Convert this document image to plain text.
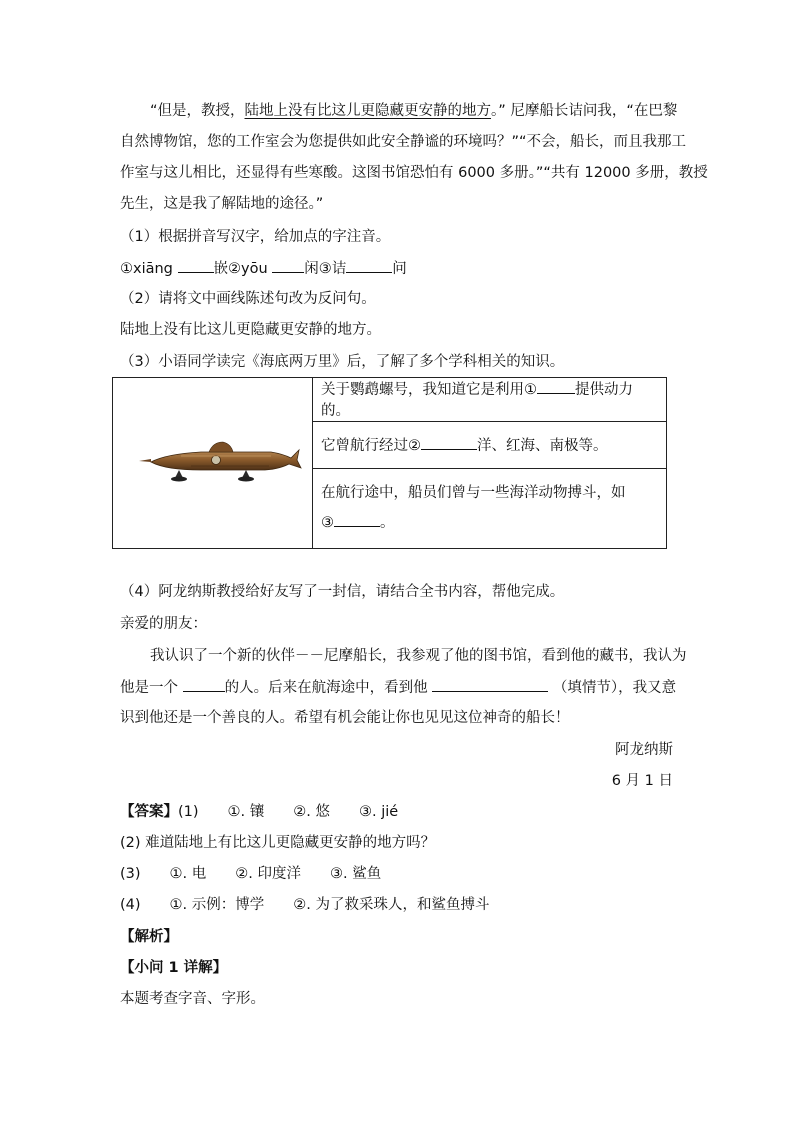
“但是，教授，陆地上没有比这儿更隐藏更安静的地方。” 尼摩船长诘问我，“在巴黎
自然博物馆，您的工作室会为您提供如此安全静谧的环境吗？”“不会，船长，而且我那工
作室与这儿相比，还显得有些寒酸。这图书馆恐怕有 6000 多册。”“共有 12000 多册，教授
先生，这是我了解陆地的途径。”
（1）根据拼音写汉字，给加点的字注音。
①xiāng	嵌②yōu	闲③诘	问
（2）请将文中画线陈述句改为反问句。
陆地上没有比这儿更隐藏更安静的地方。
（3）小语同学读完《海底两万里》后，了解了多个学科相关的知识。
	关于鹦鹉螺号，我知道它是利用①	提供动力的。
它曾航行经过②	洋、红海、南极等。

在航行途中，船员们曾与一些海洋动物搏斗，如
③	。
（4）阿龙纳斯教授给好友写了一封信，请结合全书内容，帮他完成。
亲爱的朋友：
我认识了一个新的伙伴－－尼摩船长，我参观了他的图书馆，看到他的藏书，我认为
他是一个	的人。后来在航海途中，看到他	（填情节），我又意
识到他还是一个善良的人。希望有机会能让你也见见这位神奇的船长！
阿龙纳斯
6 月 1 日
【答案】(1)　　①. 镶　　②. 悠　　③. jié
(2) 难道陆地上有比这儿更隐藏更安静的地方吗？
(3)　　①. 电　　②. 印度洋　　③. 鲨鱼
(4)　　①. 示例：博学　　②. 为了救采珠人，和鲨鱼搏斗
【解析】
【小问 1 详解】
本题考查字音、字形。
